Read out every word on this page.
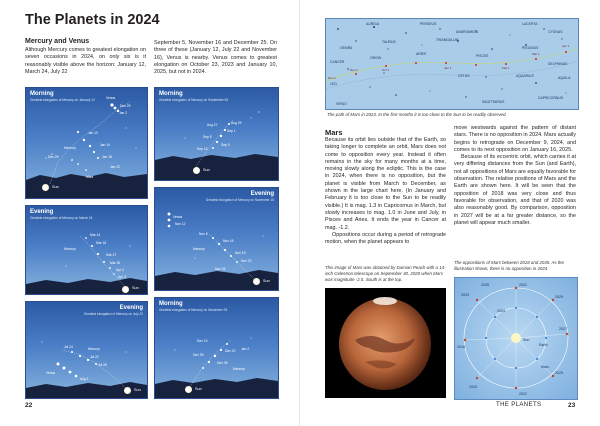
The Planets in 2024
Mercury and Venus

Although Mercury comes to greatest elongation on seven occasions in 2024, on only six is it reasonably visible above the horizon: January 12, March 24, July 22

September 5, November 16 and December 25. On three of these (January 12, July 22 and November 16), Venus is nearby. Venus comes to greatest elongation on October 23, 2023 and January 10, 2025, but not in 2024.

Venus
Dec 29
Jan 2
Jan 10
Mercury
Jan 14
Jan 18
Mars
Dec 29
Jan 22
Morning
Greatest elongation of Mercury on January 12
Sun
Aug 29
Aug 27
Sep 1
Sep 5
Sep 9
Sep 13
Morning
Greatest elongation of Mercury on September 05
Sun
Mar 14
Mar 18
Mercury
Mar 27
Mar 30
Apr 2
Apr 3
Evening
Greatest elongation of Mercury on March 24
Sun
Venus
Nov 12
Nov 8
Nov 16
Mercury
Nov 19
Nov 22
Nov 26
Evening
Greatest elongation of Mercury on November 16
Sun
Mercury
Jul 14
Jul 22
Jul 26
Venus
Aug 1
Evening
Greatest elongation of Mercury on July 22
Sun
Dec 19
Dec 22
Dec 25
Jan 2
Dec 28
Mercury
Morning
Greatest elongation of Mercury on December 25
Sun
22
AURIGA	PERSEUS
ANDROMEDA
LACERTA
CYGNUS
GEMINI
TAURUS	TRIANGULUM
ARIES	PISCES
PEGASUS
CANCER
LEO
ORION
CETUS	AQUARIUS
CAPRICORNUS
SAGITTARIUS
DELPHINUS
AQUILA
VIRGO
Nov 1
Dec 1
Jan 1	Feb 1
Mar 1
Apr 1
Oct 1
The path of Mars in 2024. In the first months it is too close to the Sun to be readily observed.
Mars

Because its orbit lies outside that of the Earth, so taking longer to complete an orbit, Mars does not come to opposition every year. Instead it often remains in the sky for many months at a time, moving slowly along the ecliptic. This is the case in 2024, when there is no opposition, but the planet is visible from March to December, as shown in the large chart here. (In January and February it is too close to the Sun to be readily visible.) It is mag. 1.3 in Capricornus in March, but slowly increases to mag. 1.0 in June and July, in Pisces and Aries. It ends the year in Cancer at mag. -1.2.

Oppositions occur during a period of retrograde motion, when the planet appears to

move westwards against the pattern of distant stars. There is no opposition in 2024. Mars actually begins to retrograde on December 9, 2024, and comes to its next opposition on January 16, 2025.

Because of its eccentric orbit, which carries it at very differing distances from the Sun (and Earth), not all oppositions of Mars are equally favorable for observation. The relative positions of Mars and the Earth are shown here. It will be seen that the opposition of 2018 was very close and thus favorable for observation, and that of 2020 was also reasonably good. By comparison, opposition in 2027 will be at a far greater distance, so the planet will appear much smaller.

This image of Mars was obtained by Damian Peach with a 14-inch Celestron telescope on September 30, 2020 when Mars was magnitude -2.5. South is at the top.
The oppositions of Mars between 2018 and 2035. As the illustration shows, there is no opposition in 2024.
2031
2029
2027
2025
2022
2020
2018
2033
2035
Earth
Mars
Sun
2024
THE PLANETS	23
